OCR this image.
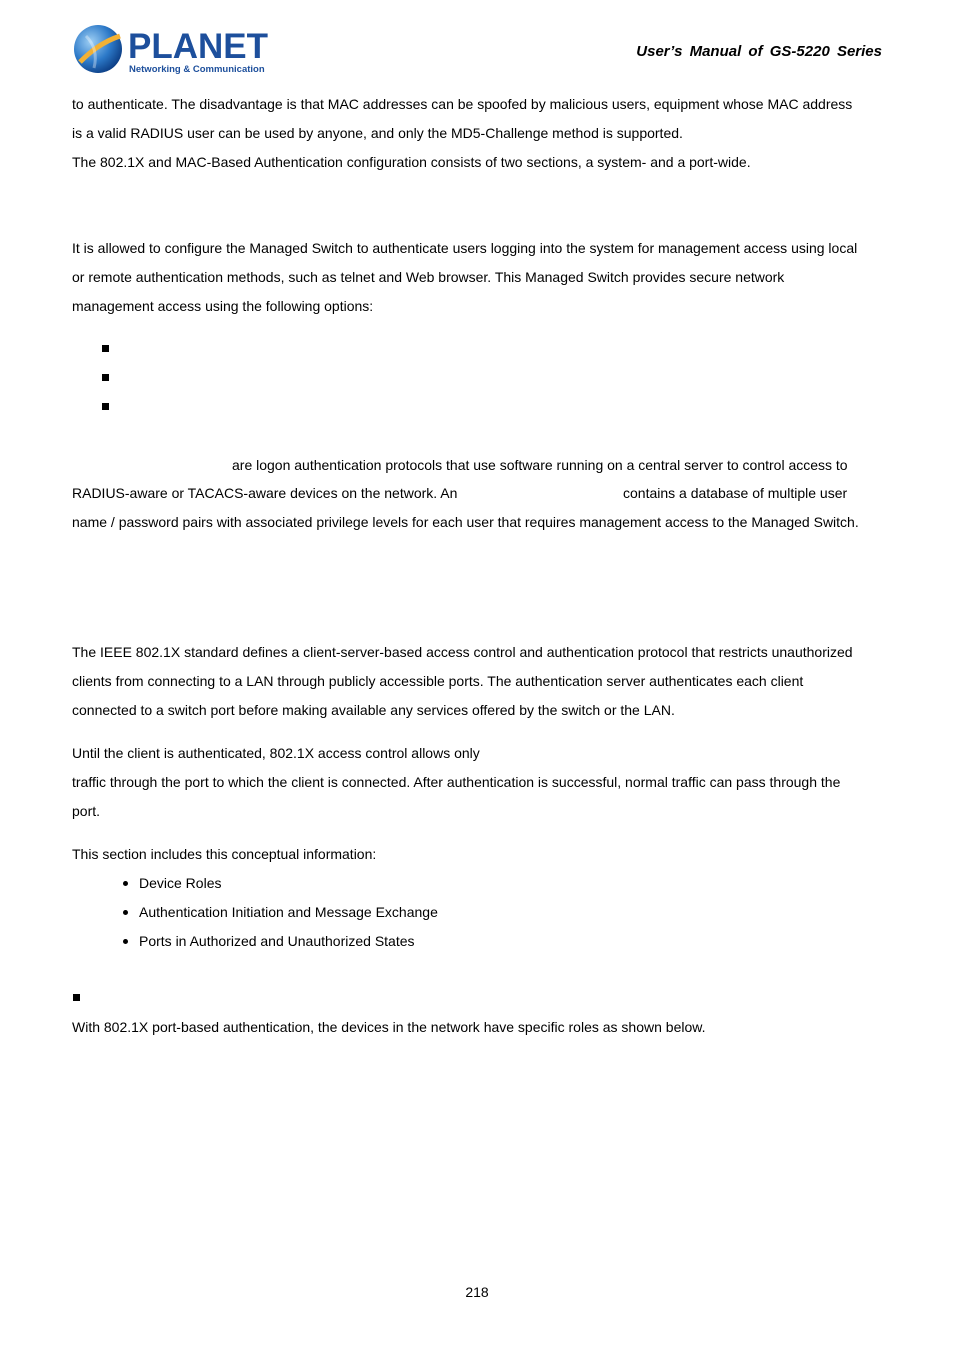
PLANET
Networking & Communication
User’s Manual of GS-5220 Series
to authenticate. The disadvantage is that MAC addresses can be spoofed by malicious users, equipment whose MAC address
is a valid RADIUS user can be used by anyone, and only the MD5-Challenge method is supported.
The 802.1X and MAC-Based Authentication configuration consists of two sections, a system- and a port-wide.
It is allowed to configure the Managed Switch to authenticate users logging into the system for management access using local
or remote authentication methods, such as telnet and Web browser. This Managed Switch provides secure network
management access using the following options:
are logon authentication protocols that use software running on a central server to control access to
RADIUS-aware or TACACS-aware devices on the network. An	contains a database of multiple user
name / password pairs with associated privilege levels for each user that requires management access to the Managed Switch.
The IEEE 802.1X standard defines a client-server-based access control and authentication protocol that restricts unauthorized
clients from connecting to a LAN through publicly accessible ports. The authentication server authenticates each client
connected to a switch port before making available any services offered by the switch or the LAN.
Until the client is authenticated, 802.1X access control allows only
traffic through the port to which the client is connected. After authentication is successful, normal traffic can pass through the
port.
This section includes this conceptual information:
Device Roles
Authentication Initiation and Message Exchange
Ports in Authorized and Unauthorized States
With 802.1X port-based authentication, the devices in the network have specific roles as shown below.
218
